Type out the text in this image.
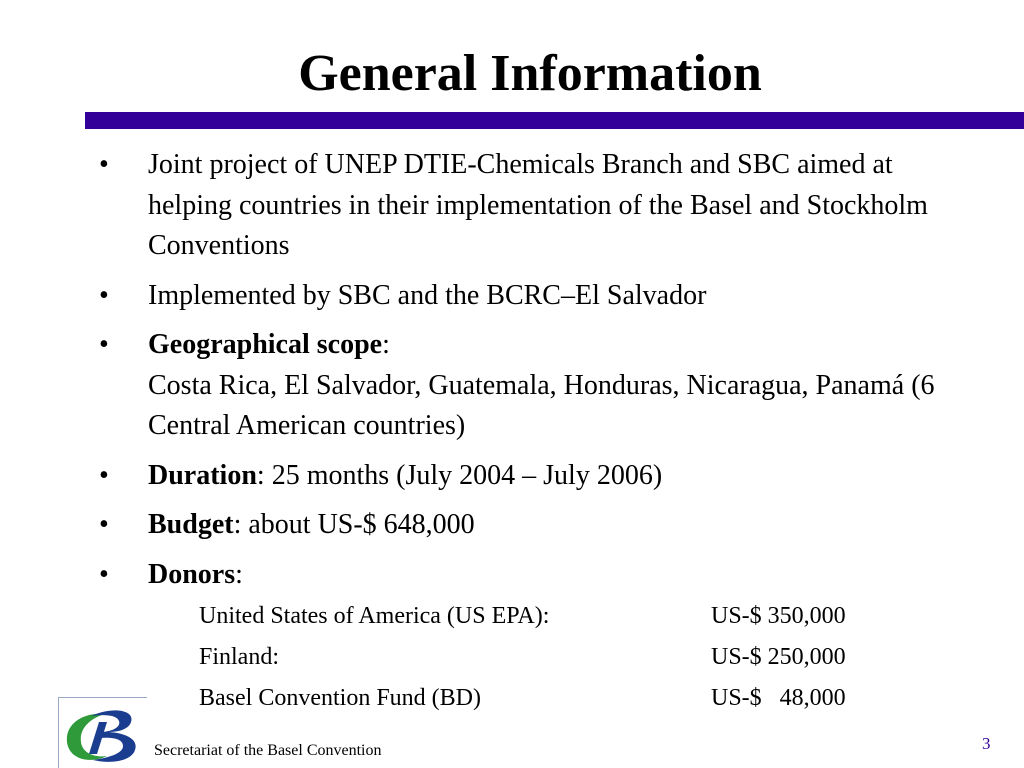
General Information
• Joint project of UNEP DTIE-Chemicals Branch and SBC aimed at helping countries in their implementation of the Basel and Stockholm Conventions
• Implemented by SBC and the BCRC–El Salvador
• Geographical scope:
Costa Rica, El Salvador, Guatemala, Honduras, Nicaragua, Panamá (6 Central American countries)
• Duration: 25 months (July 2004 – July 2006)
• Budget: about US-$ 648,000
• Donors:
United States of America (US EPA):	US-$ 350,000
Finland:	US-$ 250,000
Basel Convention Fund (BD)	US-$   48,000
Secretariat of the Basel Convention	3
